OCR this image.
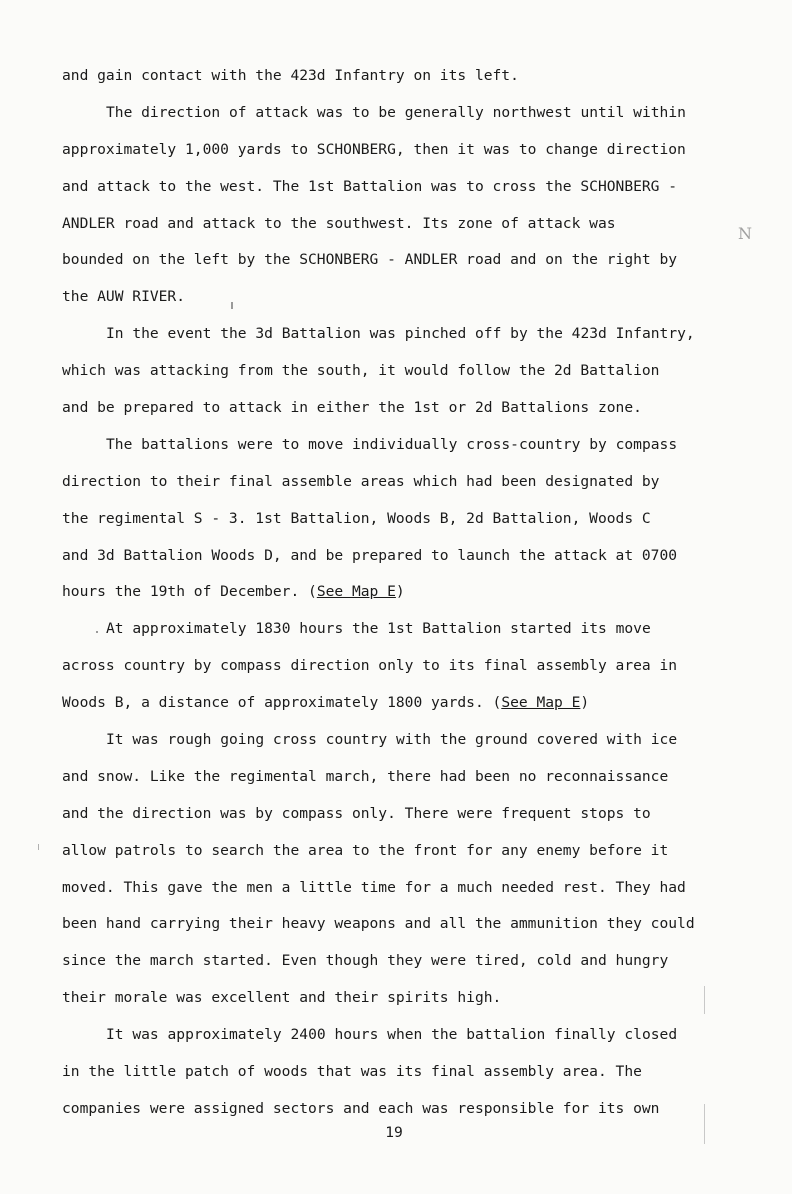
and gain contact with the 423d Infantry on its left.
The direction of attack was to be generally northwest until within
approximately 1,000 yards to SCHONBERG, then it was to change direction
and attack to the west. The 1st Battalion was to cross the SCHONBERG -
ANDLER road and attack to the southwest. Its zone of attack was
bounded on the left by the SCHONBERG - ANDLER road and on the right by
the AUW RIVER.
In the event the 3d Battalion was pinched off by the 423d Infantry,
which was attacking from the south, it would follow the 2d Battalion
and be prepared to attack in either the 1st or 2d Battalions zone.
The battalions were to move individually cross-country by compass
direction to their final assemble areas which had been designated by
the regimental S - 3. 1st Battalion, Woods B, 2d Battalion, Woods C
and 3d Battalion Woods D, and be prepared to launch the attack at 0700
hours the 19th of December. (See Map E)
At approximately 1830 hours the 1st Battalion started its move
across country by compass direction only to its final assembly area in
Woods B, a distance of approximately 1800 yards. (See Map E)
It was rough going cross country with the ground covered with ice
and snow. Like the regimental march, there had been no reconnaissance
and the direction was by compass only. There were frequent stops to
allow patrols to search the area to the front for any enemy before it
moved. This gave the men a little time for a much needed rest. They had
been hand carrying their heavy weapons and all the ammunition they could
since the march started. Even though they were tired, cold and hungry
their morale was excellent and their spirits high.
It was approximately 2400 hours when the battalion finally closed
in the little patch of woods that was its final assembly area. The
companies were assigned sectors and each was responsible for its own
19
N
